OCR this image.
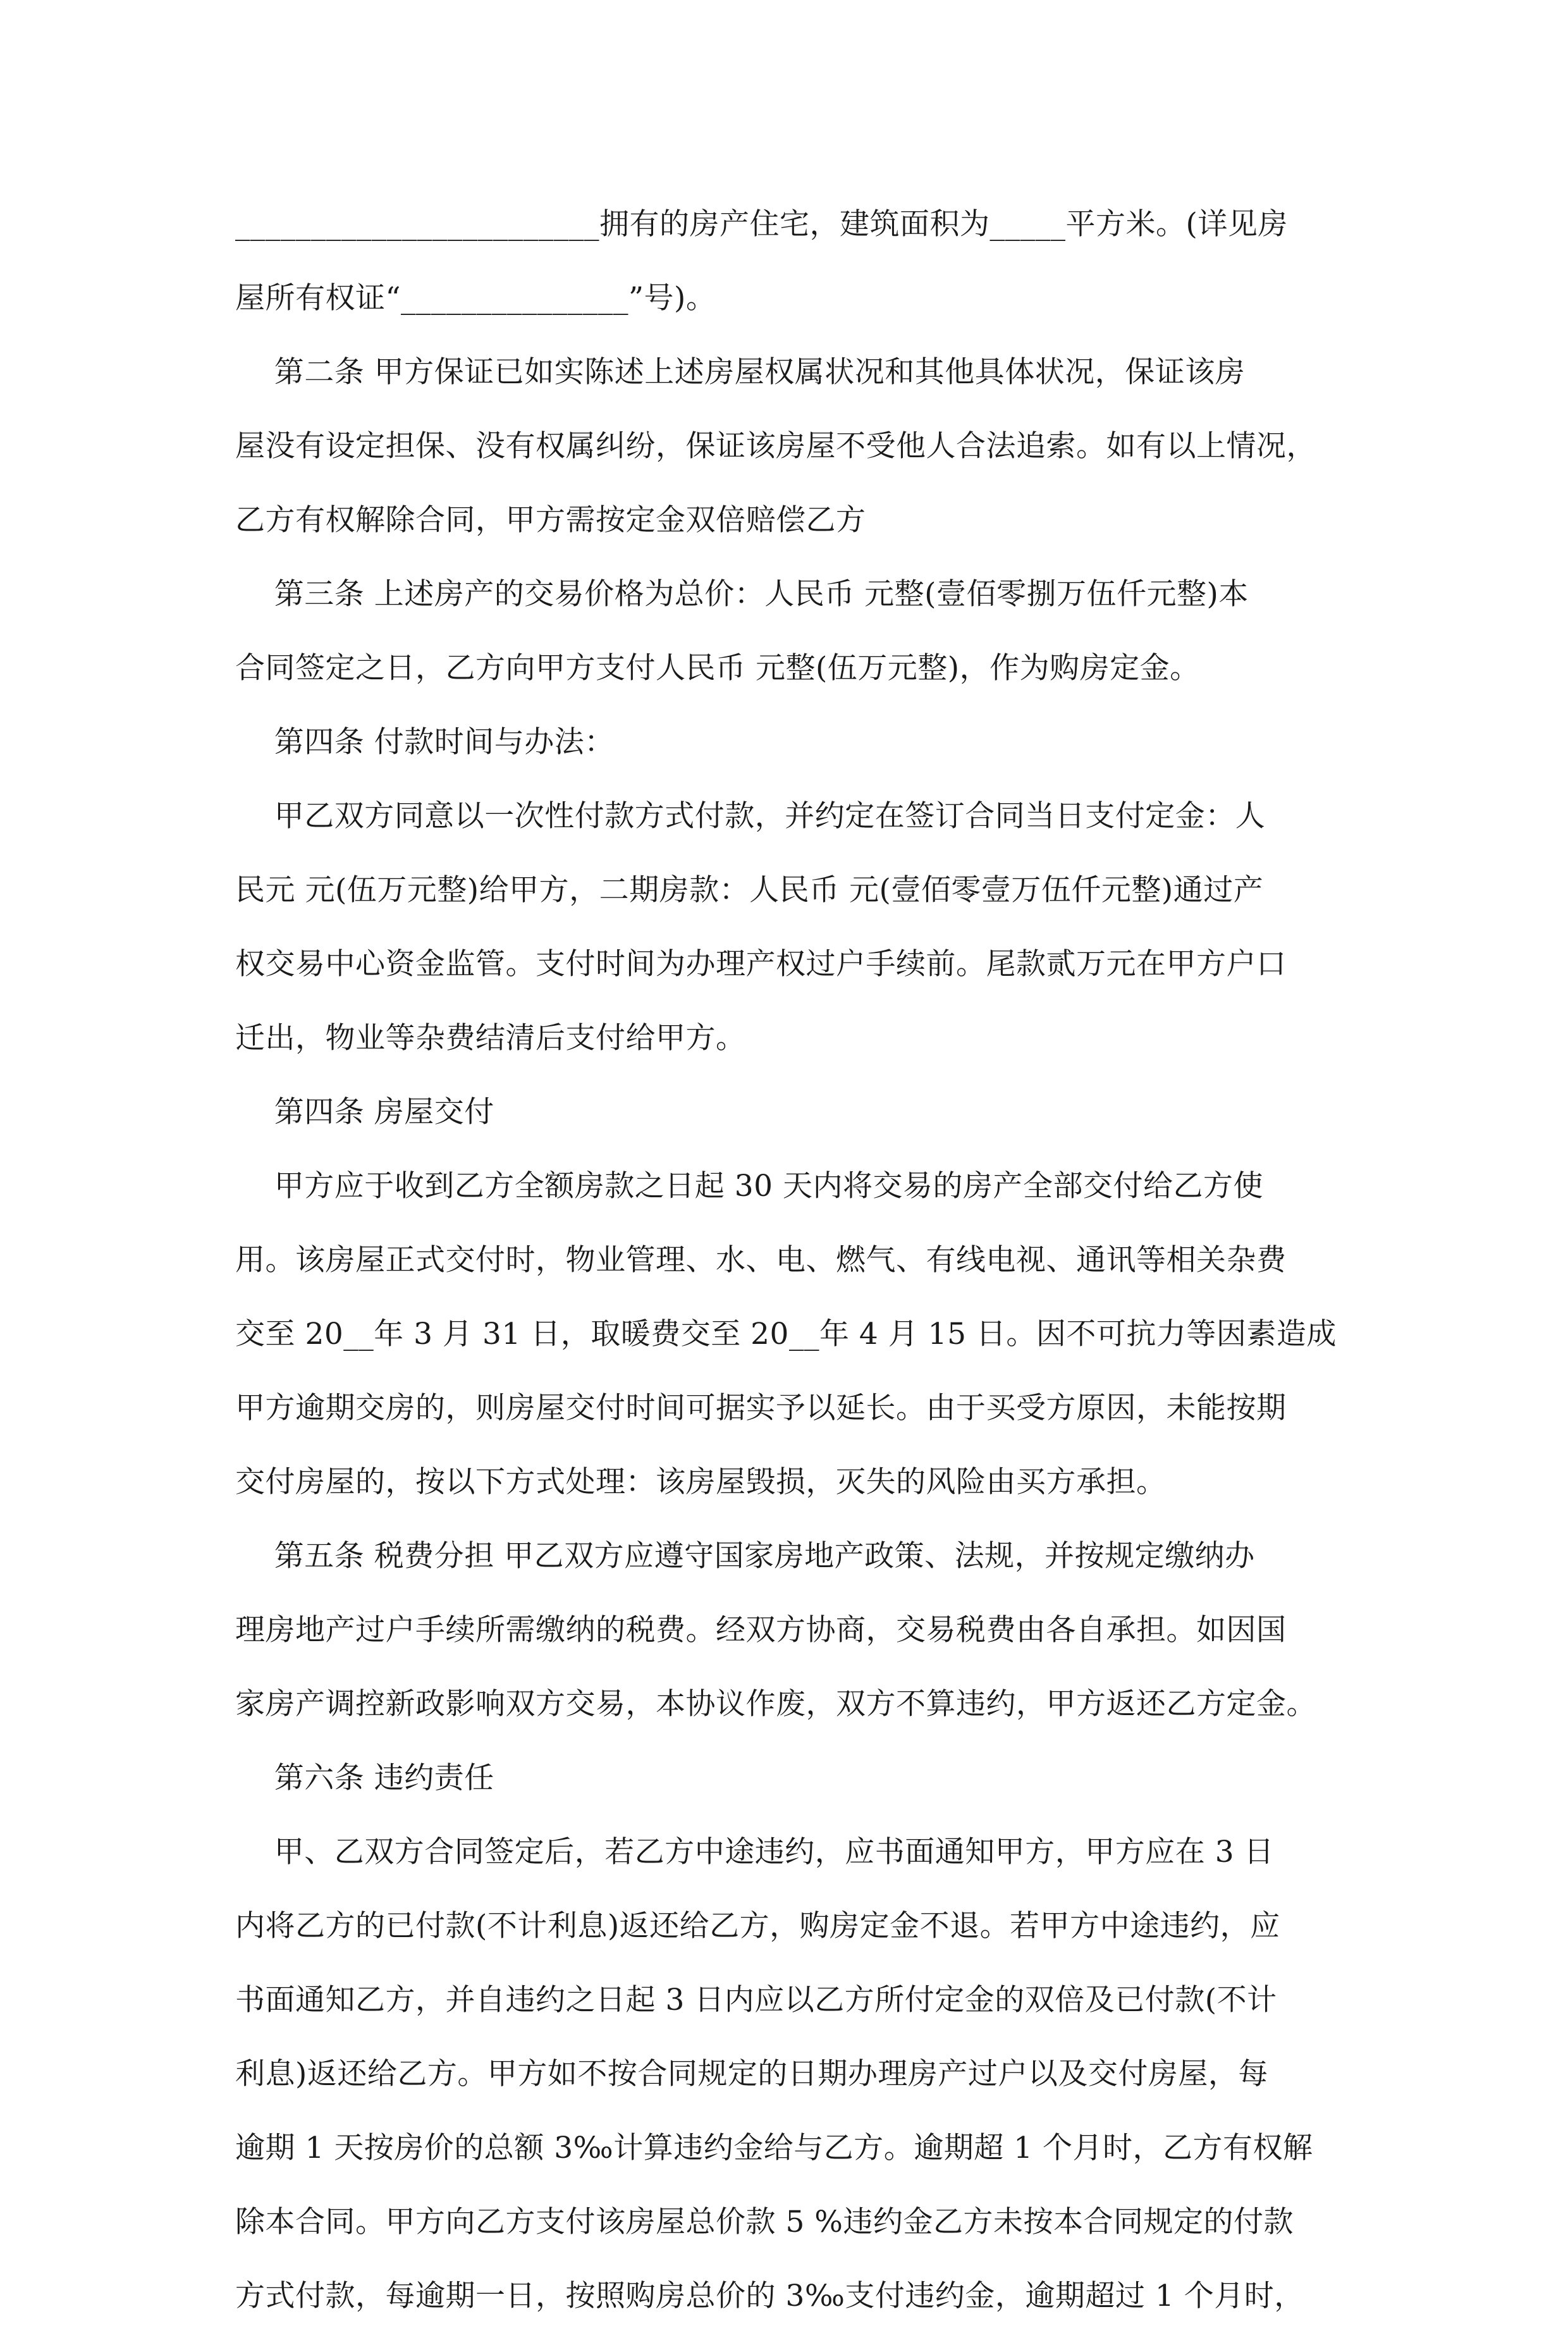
________________________拥有的房产住宅，建筑面积为_____平方米。(详见房
屋所有权证“_______________”号)。
第二条 甲方保证已如实陈述上述房屋权属状况和其他具体状况，保证该房
屋没有设定担保、没有权属纠纷，保证该房屋不受他人合法追索。如有以上情况，
乙方有权解除合同，甲方需按定金双倍赔偿乙方
第三条 上述房产的交易价格为总价：人民币 元整(壹佰零捌万伍仟元整)本
合同签定之日，乙方向甲方支付人民币 元整(伍万元整)，作为购房定金。
第四条 付款时间与办法：
甲乙双方同意以一次性付款方式付款，并约定在签订合同当日支付定金：人
民元 元(伍万元整)给甲方，二期房款：人民币 元(壹佰零壹万伍仟元整)通过产
权交易中心资金监管。支付时间为办理产权过户手续前。尾款贰万元在甲方户口
迁出，物业等杂费结清后支付给甲方。
第四条 房屋交付
甲方应于收到乙方全额房款之日起 30 天内将交易的房产全部交付给乙方使
用。该房屋正式交付时，物业管理、水、电、燃气、有线电视、通讯等相关杂费
交至 20__年 3 月 31 日，取暖费交至 20__年 4 月 15 日。因不可抗力等因素造成
甲方逾期交房的，则房屋交付时间可据实予以延长。由于买受方原因，未能按期
交付房屋的，按以下方式处理：该房屋毁损，灭失的风险由买方承担。
第五条 税费分担 甲乙双方应遵守国家房地产政策、法规，并按规定缴纳办
理房地产过户手续所需缴纳的税费。经双方协商，交易税费由各自承担。如因国
家房产调控新政影响双方交易，本协议作废，双方不算违约，甲方返还乙方定金。
第六条 违约责任
甲、乙双方合同签定后，若乙方中途违约，应书面通知甲方，甲方应在 3 日
内将乙方的已付款(不计利息)返还给乙方，购房定金不退。若甲方中途违约，应
书面通知乙方，并自违约之日起 3 日内应以乙方所付定金的双倍及已付款(不计
利息)返还给乙方。甲方如不按合同规定的日期办理房产过户以及交付房屋，每
逾期 1 天按房价的总额 3‰计算违约金给与乙方。逾期超 1 个月时，乙方有权解
除本合同。甲方向乙方支付该房屋总价款 5 %违约金乙方未按本合同规定的付款
方式付款，每逾期一日，按照购房总价的 3‰支付违约金，逾期超过 1 个月时，
